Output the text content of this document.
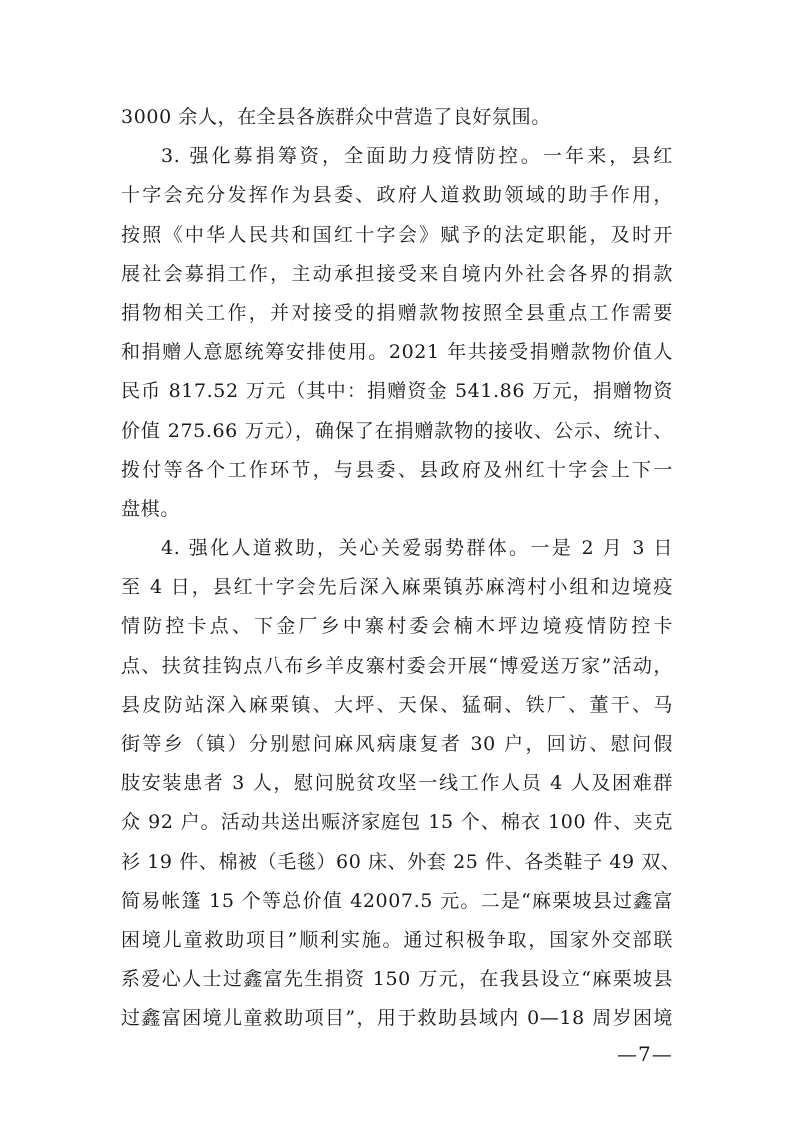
3000 余人，在全县各族群众中营造了良好氛围。
3. 强化募捐筹资，全面助力疫情防控。一年来，县红
十字会充分发挥作为县委、政府人道救助领域的助手作用，
按照《中华人民共和国红十字会》赋予的法定职能，及时开
展社会募捐工作，主动承担接受来自境内外社会各界的捐款
捐物相关工作，并对接受的捐赠款物按照全县重点工作需要
和捐赠人意愿统筹安排使用。2021 年共接受捐赠款物价值人
民币 817.52 万元（其中：捐赠资金 541.86 万元，捐赠物资
价值 275.66 万元），确保了在捐赠款物的接收、公示、统计、
拨付等各个工作环节，与县委、县政府及州红十字会上下一
盘棋。
4. 强化人道救助，关心关爱弱势群体。一是 2 月 3 日
至 4 日，县红十字会先后深入麻栗镇苏麻湾村小组和边境疫
情防控卡点、下金厂乡中寨村委会楠木坪边境疫情防控卡
点、扶贫挂钩点八布乡羊皮寨村委会开展“博爱送万家”活动，
县皮防站深入麻栗镇、大坪、天保、猛硐、铁厂、董干、马
街等乡（镇）分别慰问麻风病康复者 30 户，回访、慰问假
肢安装患者 3 人，慰问脱贫攻坚一线工作人员 4 人及困难群
众 92 户。活动共送出赈济家庭包 15 个、棉衣 100 件、夹克
衫 19 件、棉被（毛毯）60 床、外套 25 件、各类鞋子 49 双、
简易帐篷 15 个等总价值 42007.5 元。二是“麻栗坡县过鑫富
困境儿童救助项目”顺利实施。通过积极争取，国家外交部联
系爱心人士过鑫富先生捐资 150 万元，在我县设立“麻栗坡县
过鑫富困境儿童救助项目”，用于救助县域内 0—18 周岁困境
—7—
